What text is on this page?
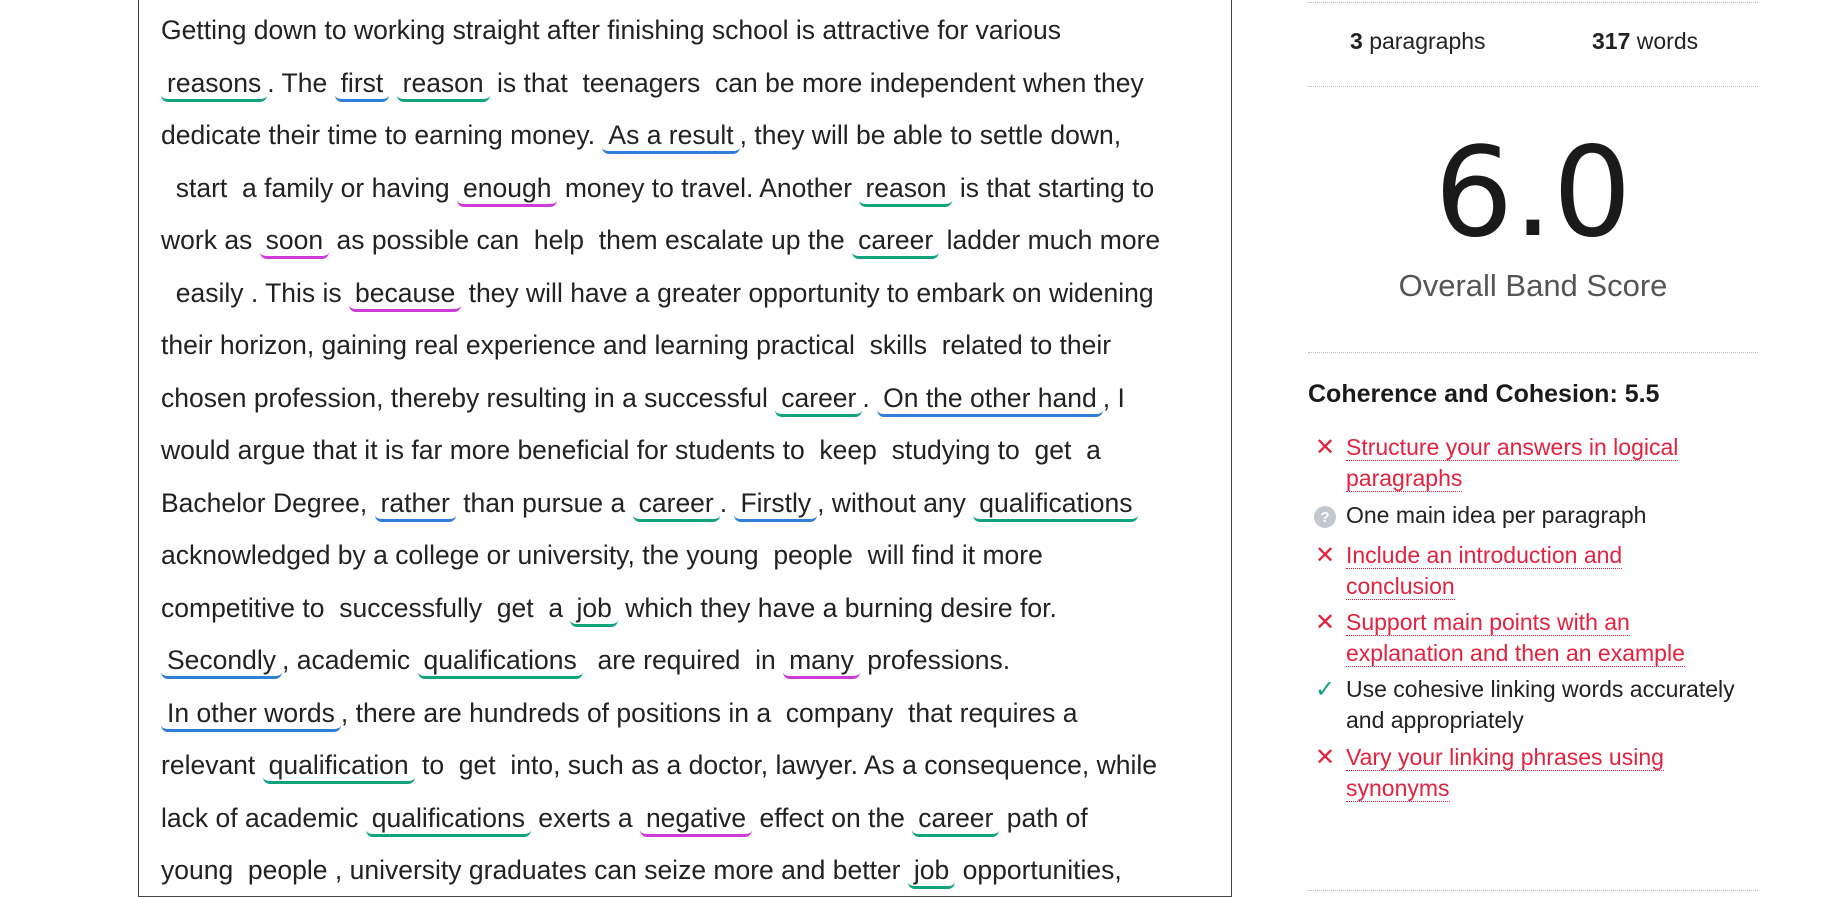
Getting down to working straight after finishing school is attractive for various
reasons . The first reason is that  teenagers  can be more independent when they
dedicate their time to earning money. As a result , they will be able to settle down,
start  a family or having enough money to travel. Another reason is that starting to
work as soon as possible can  help  them escalate up the career ladder much more
easily . This is because they will have a greater opportunity to embark on widening
their horizon, gaining real experience and learning practical  skills  related to their
chosen profession, thereby resulting in a successful career . On the other hand , I
would argue that it is far more beneficial for students to  keep  studying to  get  a
Bachelor Degree, rather than pursue a career . Firstly , without any qualifications
acknowledged by a college or university, the young  people  will find it more
competitive to  successfully  get  a job which they have a burning desire for.
Secondly , academic qualifications  are required  in many professions.
In other words , there are hundreds of positions in a  company  that requires a
relevant qualification to  get  into, such as a doctor, lawyer. As a consequence, while
lack of academic qualifications exerts a negative effect on the career path of
young  people , university graduates can seize more and better job opportunities,
3 paragraphs	317 words
6.0
Overall Band Score
Coherence and Cohesion: 5.5
✕ Structure your answers in logical
paragraphs
? One main idea per paragraph
✕ Include an introduction and
conclusion
✕ Support main points with an
explanation and then an example
✓ Use cohesive linking words accurately
and appropriately
✕ Vary your linking phrases using
synonyms
